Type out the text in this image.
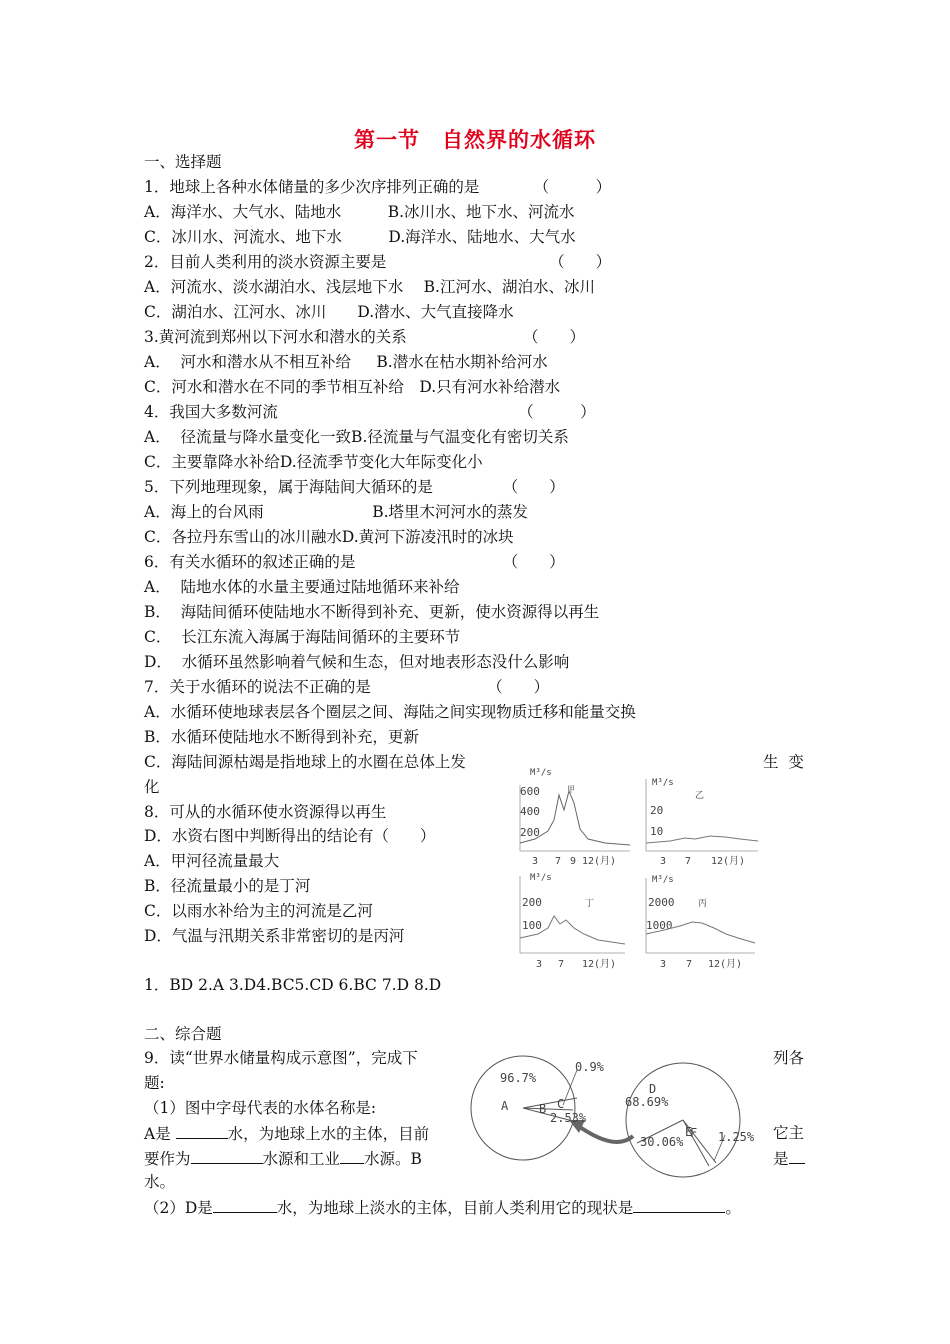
第一节　自然界的水循环
一、选择题
1．地球上各种水体储量的多少次序排列正确的是　　　　（　　　）
A．海洋水、大气水、陆地水　　　B.冰川水、地下水、河流水
C．冰川水、河流水、地下水　　　D.海洋水、陆地水、大气水
2．目前人类利用的淡水资源主要是　　　　　　　　　　　（　　）
A．河流水、淡水湖泊水、浅层地下水　 B.江河水、湖泊水、冰川
C．湖泊水、江河水、冰川　　D.潜水、大气直接降水
3.黄河流到郑州以下河水和潜水的关系　　　　　　　　（　　）
A．  河水和潜水从不相互补给　  B.潜水在枯水期补给河水
C．河水和潜水在不同的季节相互补给　D.只有河水补给潜水
4．我国大多数河流　　　　　　　　　　　　　　　　（　　　）
A．  径流量与降水量变化一致B.径流量与气温变化有密切关系
C．主要靠降水补给D.径流季节变化大年际变化小
5．下列地理现象，属于海陆间大循环的是　　　　　（　　）
A．海上的台风雨　　　　　　　B.塔里木河河水的蒸发
C．各拉丹东雪山的冰川融水D.黄河下游凌汛时的冰块
6．有关水循环的叙述正确的是　　　　　　　　　　（　　）
A．  陆地水体的水量主要通过陆地循环来补给
B．  海陆间循环使陆地水不断得到补充、更新，使水资源得以再生
C．  长江东流入海属于海陆间循环的主要环节
D．  水循环虽然影响着气候和生态，但对地表形态没什么影响
7．关于水循环的说法不正确的是　　　　　　　　（　　）
A．水循环使地球表层各个圈层之间、海陆之间实现物质迁移和能量交换
B．水循环使陆地水不断得到补充，更新
C．海陆间源枯竭是指地球上的水圈在总体上发	生  变
化
8．可从的水循环使水资源得以再生
D．水资右图中判断得出的结论有（　　）
A．甲河径流量最大
B．径流量最小的是丁河
C．以雨水补给为主的河流是乙河
D．气温与汛期关系非常密切的是丙河
1．BD 2.A 3.D4.BC5.CD 6.BC 7.D 8.D
二、综合题
9．读“世界水储量构成示意图”，完成下	列各
题:
（1）图中字母代表的水体名称是:
A是	水，为地球上水的主体，目前	它主
要作为	水源和工业 水源。B	是
水。
（2）D是	水，为地球上淡水的主体，目前人类利用它的现状是	。
M³/s
600
400
200
甲
3 7 9 12(月)
M³/s
20
10
乙
3 7 12(月)
M³/s
200
100
丁
3 7 12(月)
M³/s
2000
1000
丙
3 7 12(月)
96.7%
0.9%
2.53%
A	B C
D
68.69%
E
30.06%
F 1.25%
